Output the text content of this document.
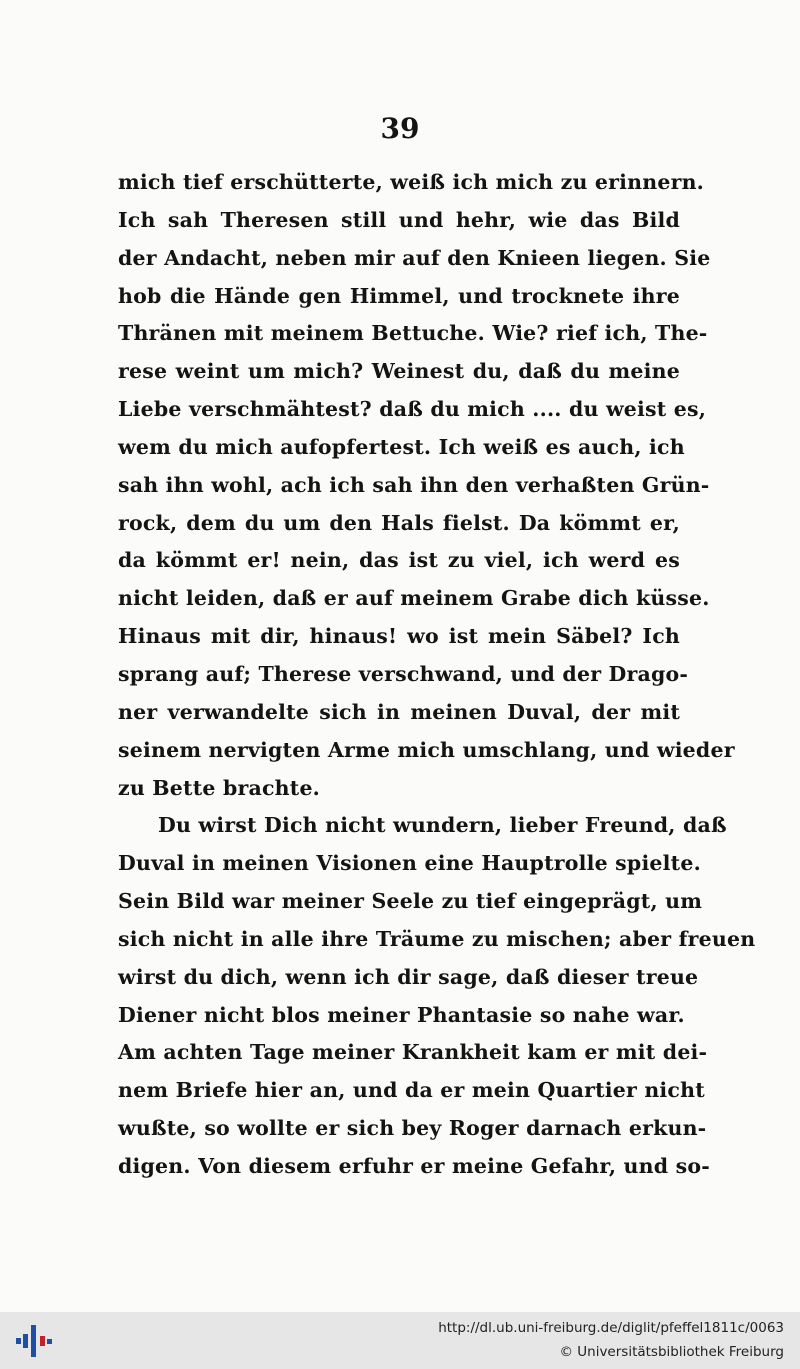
39
mich tief erschütterte, weiß ich mich zu erinnern.
Ich sah Theresen still und hehr, wie das Bild
der Andacht, neben mir auf den Knieen liegen. Sie
hob die Hände gen Himmel, und trocknete ihre
Thränen mit meinem Bettuche. Wie? rief ich, The-
rese weint um mich? Weinest du, daß du meine
Liebe verschmähtest? daß du mich .... du weist es,
wem du mich aufopfertest. Ich weiß es auch, ich
sah ihn wohl, ach ich sah ihn den verhaßten Grün-
rock, dem du um den Hals fielst. Da kömmt er,
da kömmt er! nein, das ist zu viel, ich werd es
nicht leiden, daß er auf meinem Grabe dich küsse.
Hinaus mit dir, hinaus! wo ist mein Säbel? Ich
sprang auf; Therese verschwand, und der Drago-
ner verwandelte sich in meinen Duval, der mit
seinem nervigten Arme mich umschlang, und wieder
zu Bette brachte.
Du wirst Dich nicht wundern, lieber Freund, daß
Duval in meinen Visionen eine Hauptrolle spielte.
Sein Bild war meiner Seele zu tief eingeprägt, um
sich nicht in alle ihre Träume zu mischen; aber freuen
wirst du dich, wenn ich dir sage, daß dieser treue
Diener nicht blos meiner Phantasie so nahe war.
Am achten Tage meiner Krankheit kam er mit dei-
nem Briefe hier an, und da er mein Quartier nicht
wußte, so wollte er sich bey Roger darnach erkun-
digen. Von diesem erfuhr er meine Gefahr, und so-
http://dl.ub.uni-freiburg.de/diglit/pfeffel1811c/0063
© Universitätsbibliothek Freiburg
